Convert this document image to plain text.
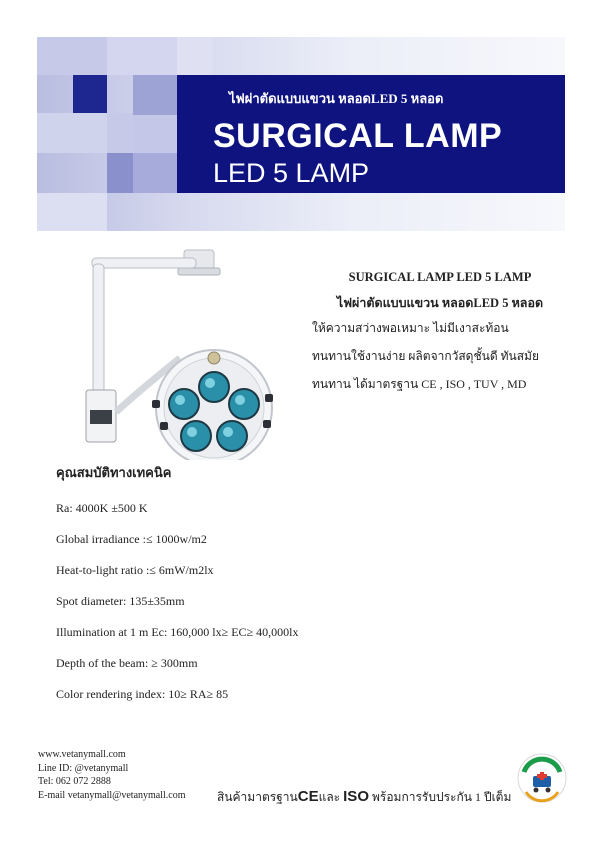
ไฟผ่าตัดแบบแขวน หลอดLED 5 หลอด
SURGICAL LAMP
LED 5 LAMP
SURGICAL LAMP LED 5 LAMP
ไฟผ่าตัดแบบแขวน หลอดLED 5 หลอด
ให้ความสว่างพอเหมาะ ไม่มีเงาสะท้อน
ทนทานใช้งานง่าย ผลิตจากวัสดุชั้นดี ทันสมัย
ทนทาน ได้มาตรฐาน CE , ISO , TUV , MD
คุณสมบัติทางเทคนิค
Ra: 4000K ±500 K
Global irradiance :≤ 1000w/m2
Heat-to-light ratio :≤ 6mW/m2lx
Spot diameter: 135±35mm
Illumination at 1 m Ec: 160,000 lx≥ EC≥ 40,000lx
Depth of the beam: ≥ 300mm
Color rendering index: 10≥ RA≥ 85
www.vetanymall.com
Line ID: @vetanymall
Tel: 062 072 2888
E-mail vetanymall@vetanymall.com	สินค้ามาตรฐานCEและ ISO พร้อมการรับประกัน 1 ปีเต็ม
